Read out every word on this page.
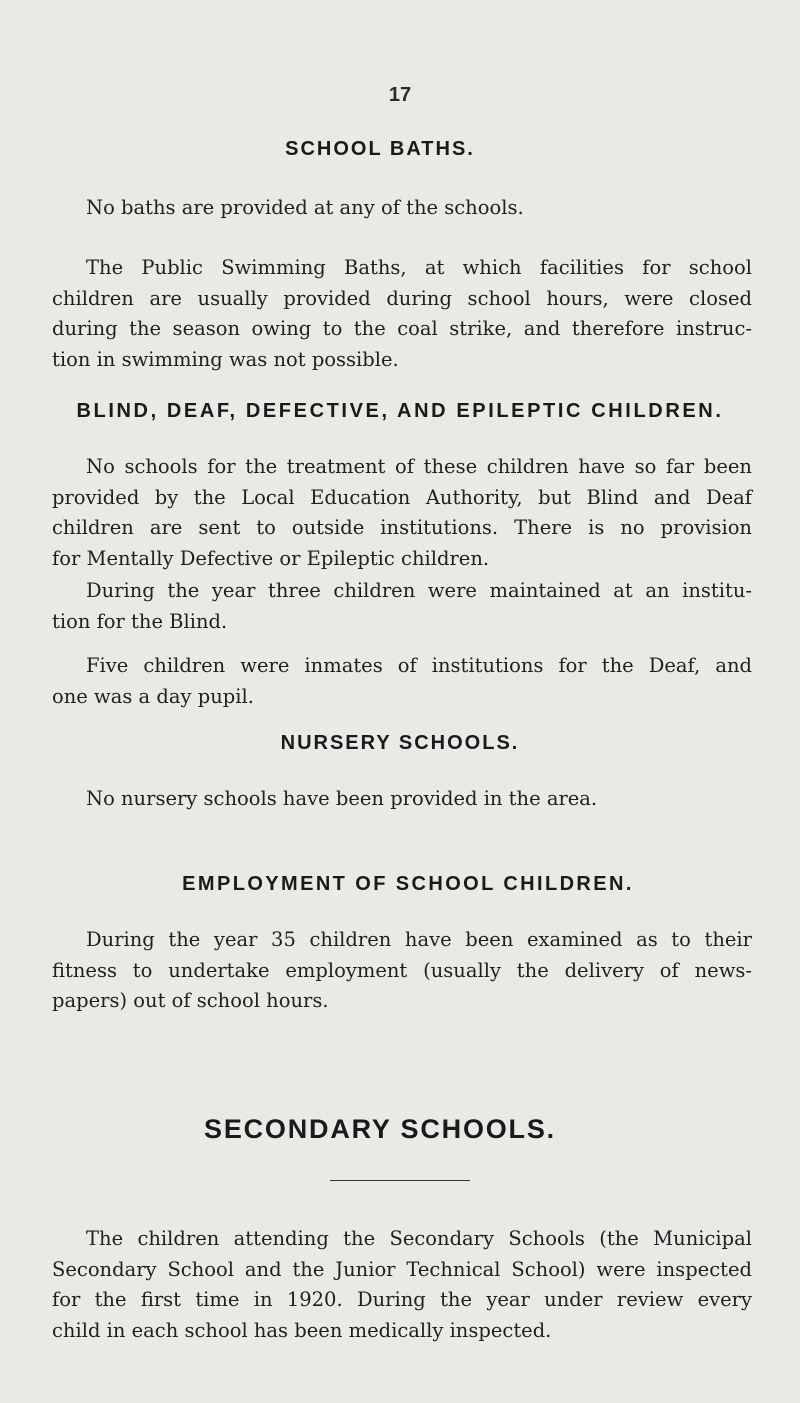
17
SCHOOL BATHS.
No baths are provided at any of the schools.
The Public Swimming Baths, at which facilities for school
children are usually provided during school hours, were closed
during the season owing to the coal strike, and therefore instruc-
tion in swimming was not possible.
BLIND, DEAF, DEFECTIVE, AND EPILEPTIC CHILDREN.
No schools for the treatment of these children have so far been
provided by the Local Education Authority, but Blind and Deaf
children are sent to outside institutions. There is no provision
for Mentally Defective or Epileptic children.
During the year three children were maintained at an institu-
tion for the Blind.
Five children were inmates of institutions for the Deaf, and
one was a day pupil.
NURSERY SCHOOLS.
No nursery schools have been provided in the area.
EMPLOYMENT OF SCHOOL CHILDREN.
During the year 35 children have been examined as to their
fitness to undertake employment (usually the delivery of news-
papers) out of school hours.
SECONDARY SCHOOLS.
The children attending the Secondary Schools (the Municipal
Secondary School and the Junior Technical School) were inspected
for the first time in 1920. During the year under review every
child in each school has been medically inspected.
